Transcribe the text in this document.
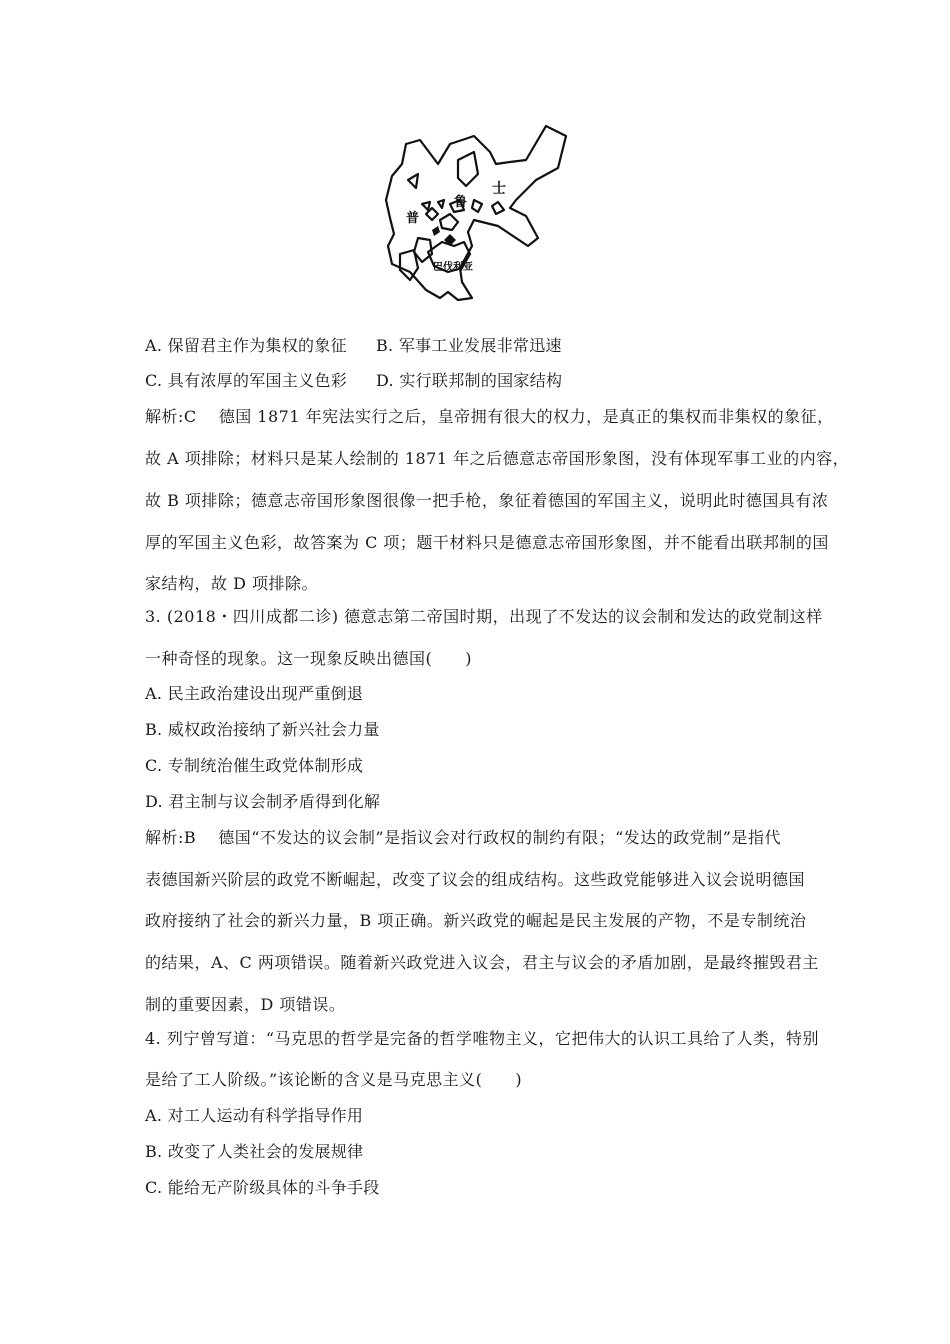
普
鲁
士
巴伐利亚
A. 保留君主作为集权的象征 B. 军事工业发展非常迅速
C. 具有浓厚的军国主义色彩 D. 实行联邦制的国家结构
解析:C　 德国 1871 年宪法实行之后，皇帝拥有很大的权力，是真正的集权而非集权的象征，
故 A 项排除；材料只是某人绘制的 1871 年之后德意志帝国形象图，没有体现军事工业的内容，
故 B 项排除；德意志帝国形象图很像一把手枪，象征着德国的军国主义，说明此时德国具有浓
厚的军国主义色彩，故答案为 C 项；题干材料只是德意志帝国形象图，并不能看出联邦制的国
家结构，故 D 项排除。
3. (2018・四川成都二诊) 德意志第二帝国时期，出现了不发达的议会制和发达的政党制这样
一种奇怪的现象。这一现象反映出德国(　　)
A. 民主政治建设出现严重倒退
B. 威权政治接纳了新兴社会力量
C. 专制统治催生政党体制形成
D. 君主制与议会制矛盾得到化解
解析:B　 德国“不发达的议会制”是指议会对行政权的制约有限；“发达的政党制”是指代
表德国新兴阶层的政党不断崛起，改变了议会的组成结构。这些政党能够进入议会说明德国
政府接纳了社会的新兴力量，B 项正确。新兴政党的崛起是民主发展的产物，不是专制统治
的结果，A、C 两项错误。随着新兴政党进入议会，君主与议会的矛盾加剧，是最终摧毁君主
制的重要因素，D 项错误。
4. 列宁曾写道：“马克思的哲学是完备的哲学唯物主义，它把伟大的认识工具给了人类，特别
是给了工人阶级。”该论断的含义是马克思主义(　　)
A. 对工人运动有科学指导作用
B. 改变了人类社会的发展规律
C. 能给无产阶级具体的斗争手段
